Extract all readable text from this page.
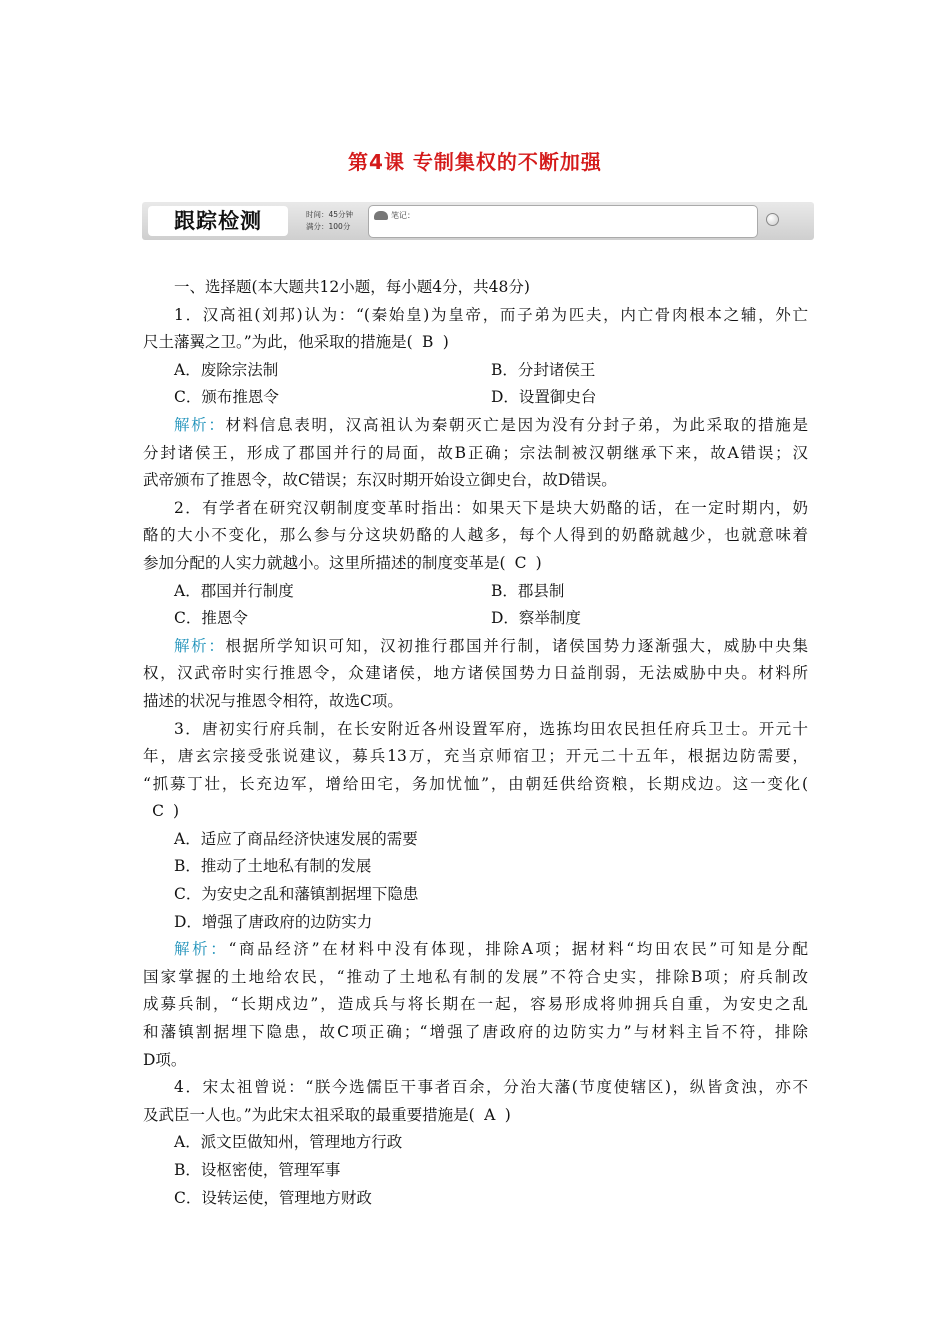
第4课 专制集权的不断加强
跟踪检测	时间：45分钟
满分：100分
笔记：
一、选择题(本大题共12小题，每小题4分，共48分)
1．汉高祖(刘邦)认为：“(秦始皇)为皇帝，而子弟为匹夫，内亡骨肉根本之辅，外亡
尺土藩翼之卫。”为此，他采取的措施是( B )
A．废除宗法制	B．分封诸侯王
C．颁布推恩令	D．设置御史台
解析：材料信息表明，汉高祖认为秦朝灭亡是因为没有分封子弟，为此采取的措施是
分封诸侯王，形成了郡国并行的局面，故B正确；宗法制被汉朝继承下来，故A错误；汉
武帝颁布了推恩令，故C错误；东汉时期开始设立御史台，故D错误。
2．有学者在研究汉朝制度变革时指出：如果天下是块大奶酪的话，在一定时期内，奶
酪的大小不变化，那么参与分这块奶酪的人越多，每个人得到的奶酪就越少，也就意味着
参加分配的人实力就越小。这里所描述的制度变革是( C )
A．郡国并行制度	B．郡县制
C．推恩令	D．察举制度
解析：根据所学知识可知，汉初推行郡国并行制，诸侯国势力逐渐强大，威胁中央集
权，汉武帝时实行推恩令，众建诸侯，地方诸侯国势力日益削弱，无法威胁中央。材料所
描述的状况与推恩令相符，故选C项。
3．唐初实行府兵制，在长安附近各州设置军府，选拣均田农民担任府兵卫士。开元十
年，唐玄宗接受张说建议，募兵13万，充当京师宿卫；开元二十五年，根据边防需要，
“抓募丁壮，长充边军，增给田宅，务加忧恤”，由朝廷供给资粮，长期戍边。这一变化(
C )
A．适应了商品经济快速发展的需要
B．推动了土地私有制的发展
C．为安史之乱和藩镇割据埋下隐患
D．增强了唐政府的边防实力
解析：“商品经济”在材料中没有体现，排除A项；据材料“均田农民”可知是分配
国家掌握的土地给农民，“推动了土地私有制的发展”不符合史实，排除B项；府兵制改
成募兵制，“长期戍边”，造成兵与将长期在一起，容易形成将帅拥兵自重，为安史之乱
和藩镇割据埋下隐患，故C项正确；“增强了唐政府的边防实力”与材料主旨不符，排除
D项。
4．宋太祖曾说：“朕今选儒臣干事者百余，分治大藩(节度使辖区)，纵皆贪浊，亦不
及武臣一人也。”为此宋太祖采取的最重要措施是( A )
A．派文臣做知州，管理地方行政
B．设枢密使，管理军事
C．设转运使，管理地方财政
